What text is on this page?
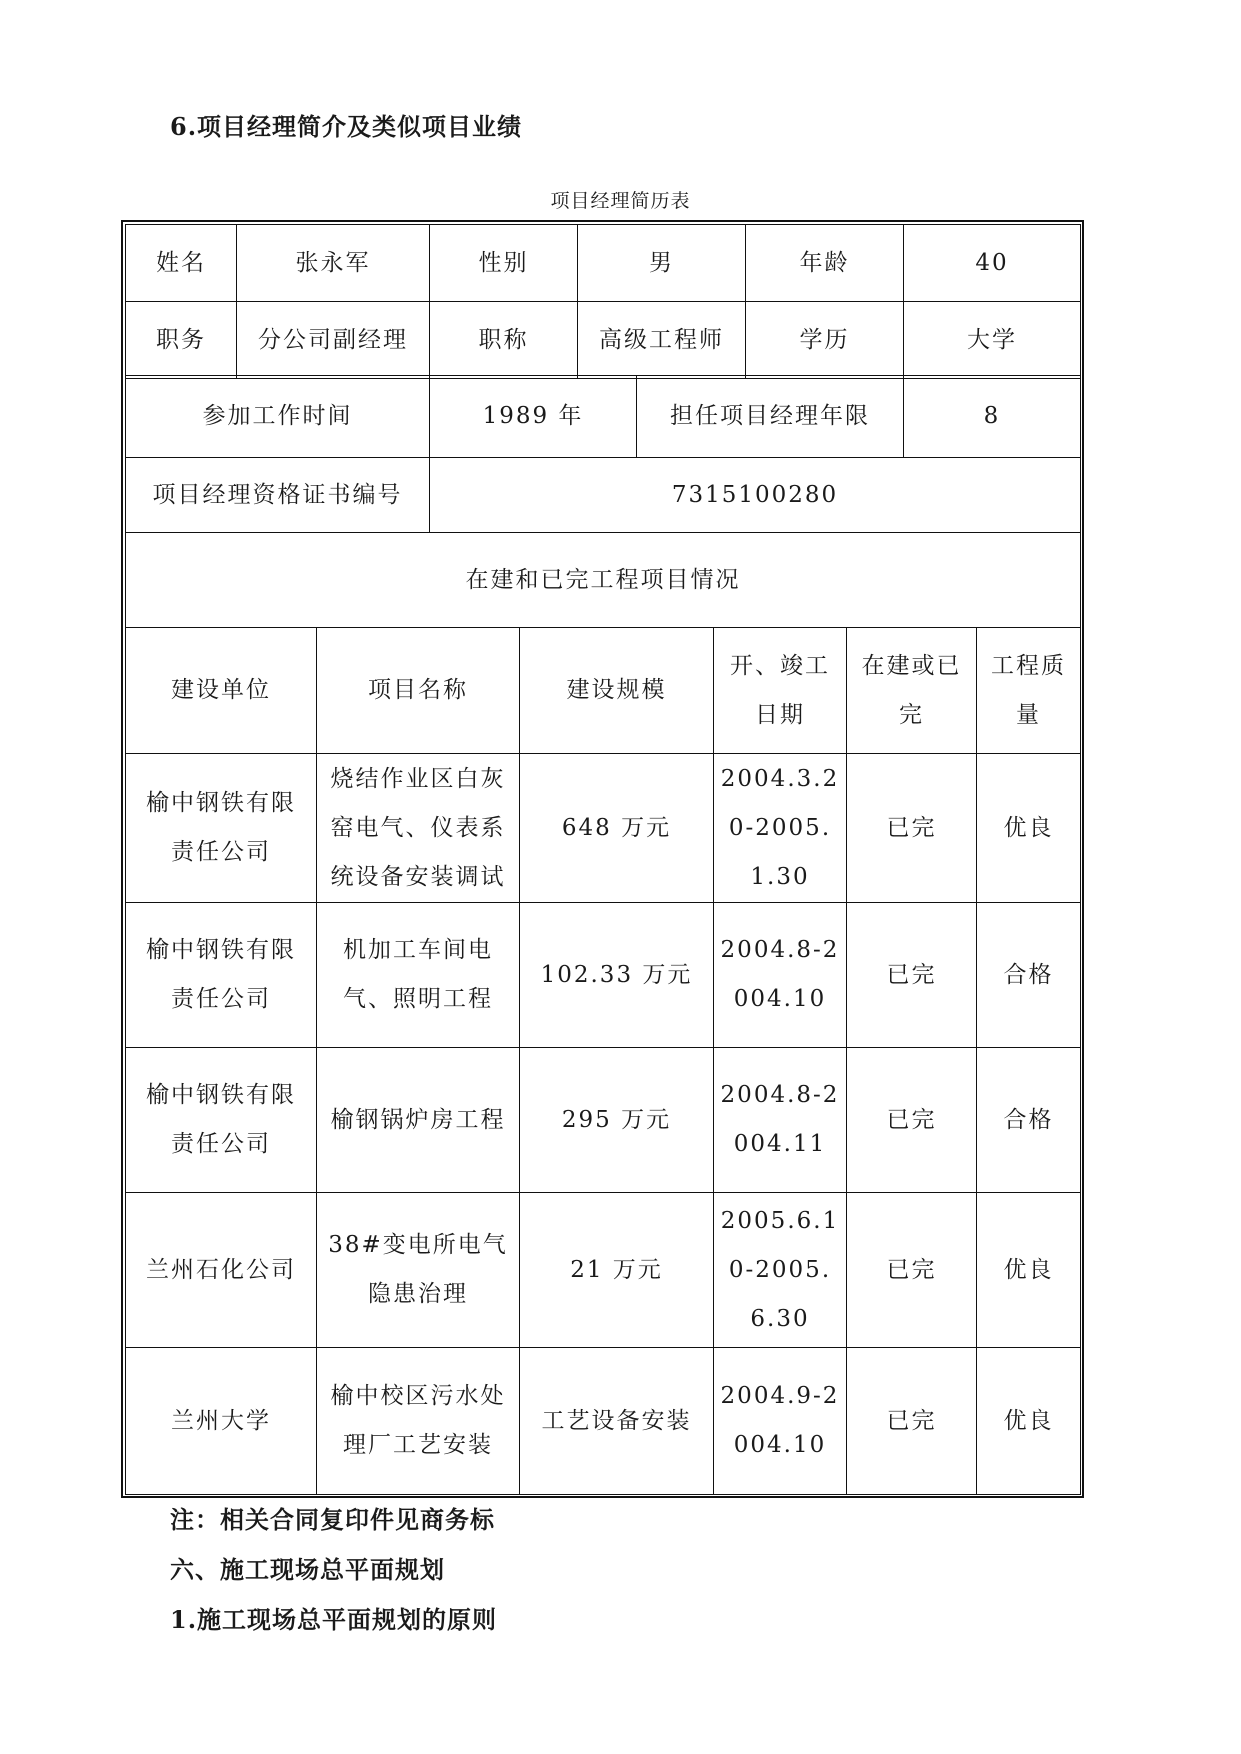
6.项目经理简介及类似项目业绩
项目经理简历表
姓名	张永军	性别	男	年龄	40
职务	分公司副经理	职称	高级工程师	学历	大学
参加工作时间	1989 年	担任项目经理年限	8
项目经理资格证书编号	7315100280		
在建和已完工程项目情况			
建设单位	项目名称	建设规模	开、竣工日期	在建或已完	工程质量
榆中钢铁有限责任公司	烧结作业区白灰窑电气、仪表系统设备安装调试	648 万元	2004.3.20-2005.1.30	已完	优良
榆中钢铁有限责任公司	机加工车间电气、照明工程	102.33 万元	2004.8-2004.10	已完	合格
榆中钢铁有限责任公司	榆钢锅炉房工程	295 万元	2004.8-2004.11	已完	合格
兰州石化公司	38#变电所电气隐患治理	21 万元	2005.6.10-2005.6.30	已完	优良
兰州大学	榆中校区污水处理厂工艺安装	工艺设备安装	2004.9-2004.10	已完	优良
注：相关合同复印件见商务标
六、施工现场总平面规划
1.施工现场总平面规划的原则
